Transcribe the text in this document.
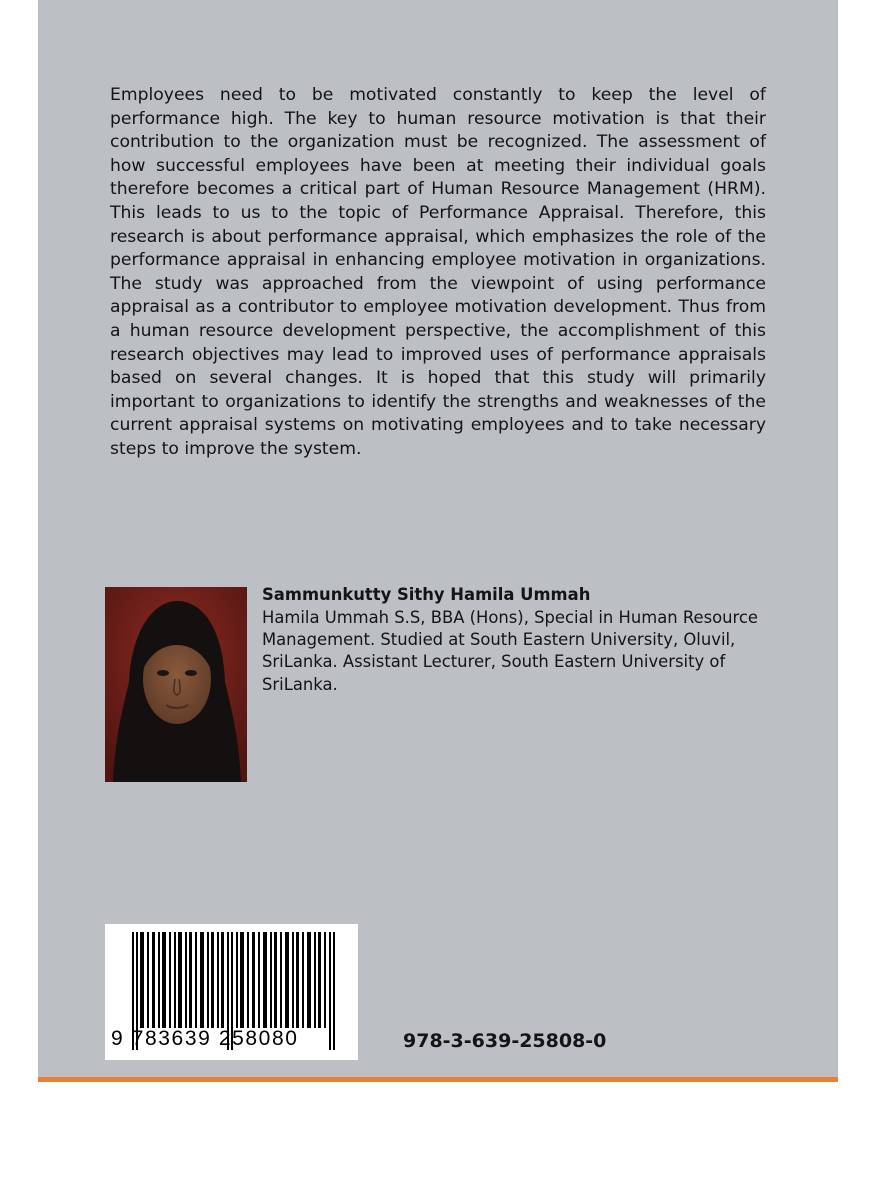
Employees need to be motivated constantly to keep the level of performance high. The key to human resource motivation is that their contribution to the organization must be recognized. The assessment of how successful employees have been at meeting their individual goals therefore becomes a critical part of Human Resource Management (HRM). This leads to us to the topic of Performance Appraisal. Therefore, this research is about performance appraisal, which emphasizes the role of the performance appraisal in enhancing employee motivation in organizations. The study was approached from the viewpoint of using performance appraisal as a contributor to employee motivation development. Thus from a human resource development perspective, the accomplishment of this research objectives may lead to improved uses of performance appraisals based on several changes. It is hoped that this study will primarily important to organizations to identify the strengths and weaknesses of the current appraisal systems on motivating employees and to take necessary steps to improve the system.

Sammunkutty Sithy Hamila Ummah

Hamila Ummah S.S, BBA (Hons), Special in Human Resource Management. Studied at South Eastern University, Oluvil, SriLanka. Assistant Lecturer, South Eastern University of SriLanka.

9 783639 258080	978-3-639-25808-0
